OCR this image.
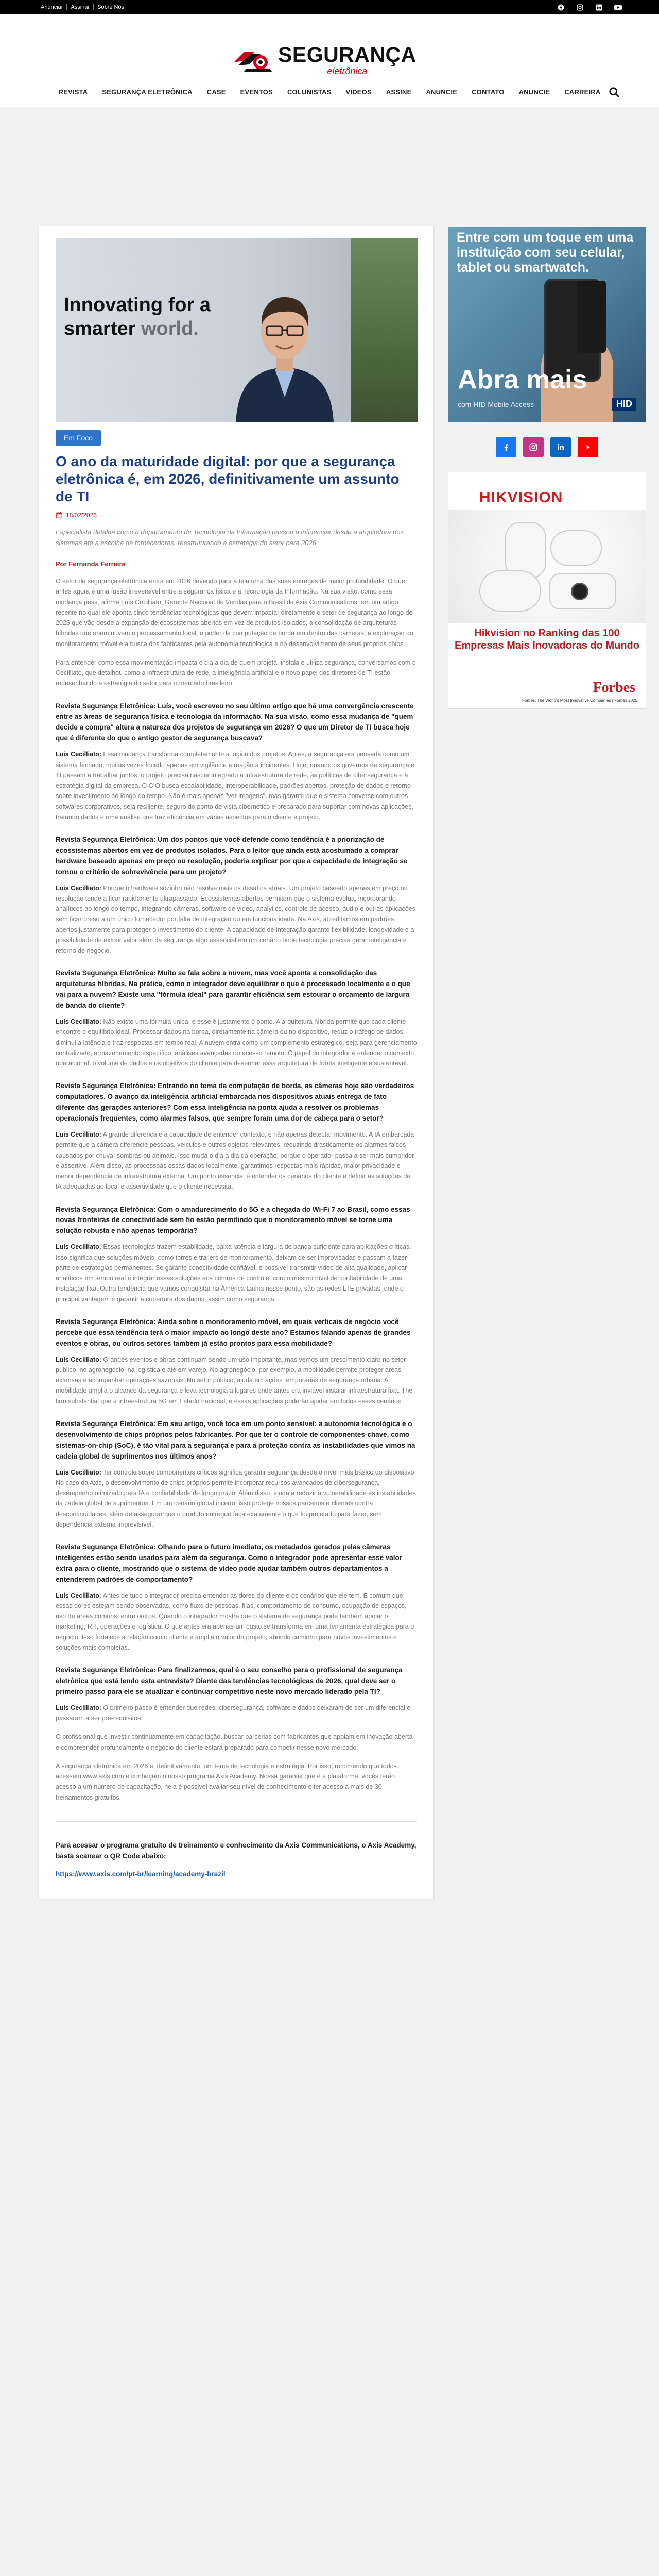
Anunciar	Assinar	Sobre Nós
SEGURANÇA
eletrônica
REVISTA	SEGURANÇA ELETRÔNICA	CASE	EVENTOS	COLUNISTAS	VÍDEOS	ASSINE	ANUNCIE	CONTATO	ANUNCIE	CARREIRA
Innovating for a
smarter world.
Em Foco
O ano da maturidade digital: por que a segurança eletrônica é, em 2026, definitivamente um assunto de TI
18/02/2026

Especialista detalha como o departamento de Tecnologia da Informação passou a influenciar desde a arquitetura dos sistemas até a escolha de fornecedores, reestruturando a estratégia do setor para 2026

Por Fernanda Ferreira

O setor de segurança eletrônica entra em 2026 devendo para a tela uma das suas entregas de maior profundidade. O que antes agora é uma fusão irreversível entre a segurança física e a Tecnologia da Informação. Na sua visão, como essa mudança pesa, afirma Luís Cecilliato, Gerente Nacional de Vendas para o Brasil da Axis Communications, em um artigo recente no qual ele aponta cinco tendências tecnológicas que devem impactar diretamente o setor de segurança ao longo de 2026 que vão desde a expansão de ecossistemas abertos em vez de produtos isolados, a consolidação de arquiteturas híbridas que unem nuvem e processamento local, o poder da computação de borda em dentro das câmeras, a exploração do monitoramento móvel e a busca dos fabricantes pela autonomia tecnológica e no desenvolvimento de seus próprios chips.

Para entender como essa movimentação impacta o dia a dia de quem projeta, instala e utiliza segurança, conversamos com o Cecilliato, que detalhou como a infraestrutura de rede, a inteligência artificial e o novo papel dos diretores de TI estão redesenhando a estratégia do setor para o mercado brasileiro.

Revista Segurança Eletrônica: Luís, você escreveu no seu último artigo que há uma convergência crescente entre as áreas de segurança física e tecnologia da informação. Na sua visão, como essa mudança de "quem decide a compra" altera a natureza dos projetos de segurança em 2026? O que um Diretor de TI busca hoje que é diferente do que o antigo gestor de segurança buscava?

Luís Cecilliato: Essa mudança transforma completamente a lógica dos projetos. Antes, a segurança era pensada como um sistema fechado, muitas vezes focado apenas em vigilância e reação a incidentes. Hoje, quando os governos de segurança e TI passam a trabalhar juntos, o projeto precisa nascer integrado à infraestrutura de rede, às políticas de cibersegurança e à estratégia digital da empresa. O CIO busca escalabilidade, interoperabilidade, padrões abertos, proteção de dados e retorno sobre investimento ao longo do tempo. Não é mais apenas "ver imagens", mas garantir que o sistema converse com outros softwares corporativos, seja resiliente, seguro do ponto de vista cibernético e preparado para suportar com novas aplicações, tratando dados e uma análise que traz eficiência em várias aspectos para o cliente e projeto.

Revista Segurança Eletrônica: Um dos pontos que você defende como tendência é a priorização de ecossistemas abertos em vez de produtos isolados. Para o leitor que ainda está acostumado a comprar hardware baseado apenas em preço ou resolução, poderia explicar por que a capacidade de integração se tornou o critério de sobrevivência para um projeto?

Luís Cecilliato: Porque o hardware sozinho não resolve mais os desafios atuais. Um projeto baseado apenas em preço ou resolução tende a ficar rapidamente ultrapassado. Ecossistemas abertos permitem que o sistema evolua, incorporando analíticos ao longo do tempo, integrando câmeras, software de vídeo, analytics, controle de acesso, áudio e outras aplicações sem ficar preso a um único fornecedor por falta de integração ou em funcionalidade. Na Axis, acreditamos em padrões abertos justamente para proteger o investimento do cliente. A capacidade de integração garante flexibilidade, longevidade e a possibilidade de extrair valor além da segurança algo essencial em um cenário onde tecnologia precisa gerar inteligência e retorno de negócio.

Revista Segurança Eletrônica: Muito se fala sobre a nuvem, mas você aponta a consolidação das arquiteturas híbridas. Na prática, como o integrador deve equilibrar o que é processado localmente e o que vai para a nuvem? Existe uma "fórmula ideal" para garantir eficiência sem estourar o orçamento de largura de banda do cliente?

Luís Cecilliato: Não existe uma fórmula única, e esse é justamente o ponto. A arquitetura híbrida permite que cada cliente encontre o equilíbrio ideal. Processar dados na borda, diretamente na câmera ou no dispositivo, reduz o tráfego de dados, diminui a latência e traz respostas em tempo real. A nuvem entra como um complemento estratégico, seja para gerenciamento centralizado, armazenamento específico, análises avançadas ou acesso remoto. O papel do integrador é entender o contexto operacional, o volume de dados e os objetivos do cliente para desenhar essa arquitetura de forma inteligente e sustentável.

Revista Segurança Eletrônica: Entrando no tema da computação de borda, as câmeras hoje são verdadeiros computadores. O avanço da inteligência artificial embarcada nos dispositivos atuais entrega de fato diferente das gerações anteriores? Com essa inteligência na ponta ajuda a resolver os problemas operacionais frequentes, como alarmes falsos, que sempre foram uma dor de cabeça para o setor?

Luís Cecilliato: A grande diferença é a capacidade de entender contexto, e não apenas detectar movimento. A IA embarcada permite que a câmera diferencie pessoas, veículos e outros objetos relevantes, reduzindo drasticamente os alarmes falsos causados por chuva, sombras ou animais. Isso muda o dia a dia da operação, porque o operador passa a ser mais cumpridor e assertivo. Além disso, as processoas essas dados localmente, garantimos respostas mais rápidas, maior privacidade e menor dependência de infraestrutura externa. Um ponto essencial é entender os cenários do cliente e definir as soluções de IA adequadas ao local e assertividade que o cliente necessita.

Revista Segurança Eletrônica: Com o amadurecimento do 5G e a chegada do Wi-Fi 7 ao Brasil, como essas novas fronteiras de conectividade sem fio estão permitindo que o monitoramento móvel se torne uma solução robusta e não apenas temporária?

Luís Cecilliato: Essas tecnologias trazem estabilidade, baixa latência e largura de banda suficiente para aplicações críticas. Isso significa que soluções móveis, como torres e trailers de monitoramento, deixam de ser improvisadas e passam a fazer parte de estratégias permanentes. Se garante conectividade confiável, é possível transmitir vídeo de alta qualidade, aplicar analíticos em tempo real e integrar essas soluções aos centros de controle, com o mesmo nível de confiabilidade de uma instalação fixa. Outra tendência que vamos conquistar na América Latina nesse ponto, são as redes LTE privadas, onde o principal vantagem é garantir a cobertura dos dados, assim como segurança.

Revista Segurança Eletrônica: Ainda sobre o monitoramento móvel, em quais verticais de negócio você percebe que essa tendência terá o maior impacto ao longo deste ano? Estamos falando apenas de grandes eventos e obras, ou outros setores também já estão prontos para essa mobilidade?

Luís Cecilliato: Grandes eventos e obras continuam sendo um uso importante, mas vemos um crescimento claro no setor público, no agronegócio, na logística e até em varejo. No agronegócio, por exemplo, a mobilidade permite proteger áreas extensas e acompanhar operações sazonais. No setor público, ajuda em ações temporárias de segurança urbana. A mobilidade amplia o alcance da segurança e leva tecnologia a lugares onde antes era inviável instalar infraestrutura fixa. The firm substantial que a infraestrutura 5G em Estado nacional, e essas aplicações poderão ajudar em todos esses cenários.

Revista Segurança Eletrônica: Em seu artigo, você toca em um ponto sensível: a autonomia tecnológica e o desenvolvimento de chips próprios pelos fabricantes. Por que ter o controle de componentes-chave, como sistemas-on-chip (SoC), é tão vital para a segurança e para a proteção contra as instabilidades que vimos na cadeia global de suprimentos nos últimos anos?

Luís Cecilliato: Ter controle sobre componentes críticos significa garantir segurança desde o nível mais básico do dispositivo. No caso da Axis, o desenvolvimento de chips próprios permite incorporar recursos avançados de cibersegurança, desempenho otimizado para IA e confiabilidade de longo prazo. Além disso, ajuda a reduzir a vulnerabilidade às instabilidades da cadeia global de suprimentos. Em um cenário global incerto, isso protege nossos parceiros e clientes contra descontinuidades, além de assegurar que o produto entregue faça exatamente o que foi projetado para fazer, sem dependência externa imprevisível.

Revista Segurança Eletrônica: Olhando para o futuro imediato, os metadados gerados pelas câmeras inteligentes estão sendo usados para além da segurança. Como o integrador pode apresentar esse valor extra para o cliente, mostrando que o sistema de vídeo pode ajudar também outros departamentos a entenderem padrões de comportamento?

Luís Cecilliato: Antes de tudo o integrador precisa entender as dores do cliente e os cenários que ele tem. É comum que essas dores estejam sendo observadas, como fluxo de pessoas, filas, comportamento de consumo, ocupação de espaços, uso de áreas comuns, entre outros. Quando o integrador mostra que o sistema de segurança pode também apoiar o marketing, RH, operações e logística. O que antes era apenas um custo se transforma em uma ferramenta estratégica para o negócio. Isso fortalece a relação com o cliente e amplia o valor do projeto, abrindo caminho para novos investimentos e soluções mais completas.

Revista Segurança Eletrônica: Para finalizarmos, qual é o seu conselho para o profissional de segurança eletrônica que está lendo esta entrevista? Diante das tendências tecnológicas de 2026, qual deve ser o primeiro passo para ele se atualizar e continuar competitivo neste novo mercado liderado pela TI?

Luís Cecilliato: O primeiro passo é entender que redes, cibersegurança, software e dados deixaram de ser um diferencial e passaram a ser pré-requisitos.

O profissional que investir continuamente em capacitação, buscar parcerias com fabricantes que apoiam em inovação aberta e compreender profundamente o negócio do cliente estará preparado para competir nesse novo mercado.

A segurança eletrônica em 2026 é, definitivamente, um tema de tecnologia e estratégia. Por isso, recomendo que todos acessem www.axis.com e conheçam o nosso programa Axis Academy. Nossa garantia que é a plataforma, vocês terão acesso a um número de capacitação, nela é possível avaliar seu nível de conhecimento e ter acesso a mais de 30 treinamentos gratuitos.

Para acessar o programa gratuito de treinamento e conhecimento da Axis Communications, o Axis Academy, basta scanear o QR Code abaixo:

https://www.axis.com/pt-br/learning/academy-brazil
Entre com um toque em uma instituição com seu celular, tablet ou smartwatch.
Abra mais
com HID Mobile Access	HID
HIKVISION
Hikvision no Ranking das 100 Empresas Mais Inovadoras do Mundo
Forbes
Forbes: The World's Most Innovative Companies | Forbes 2025
